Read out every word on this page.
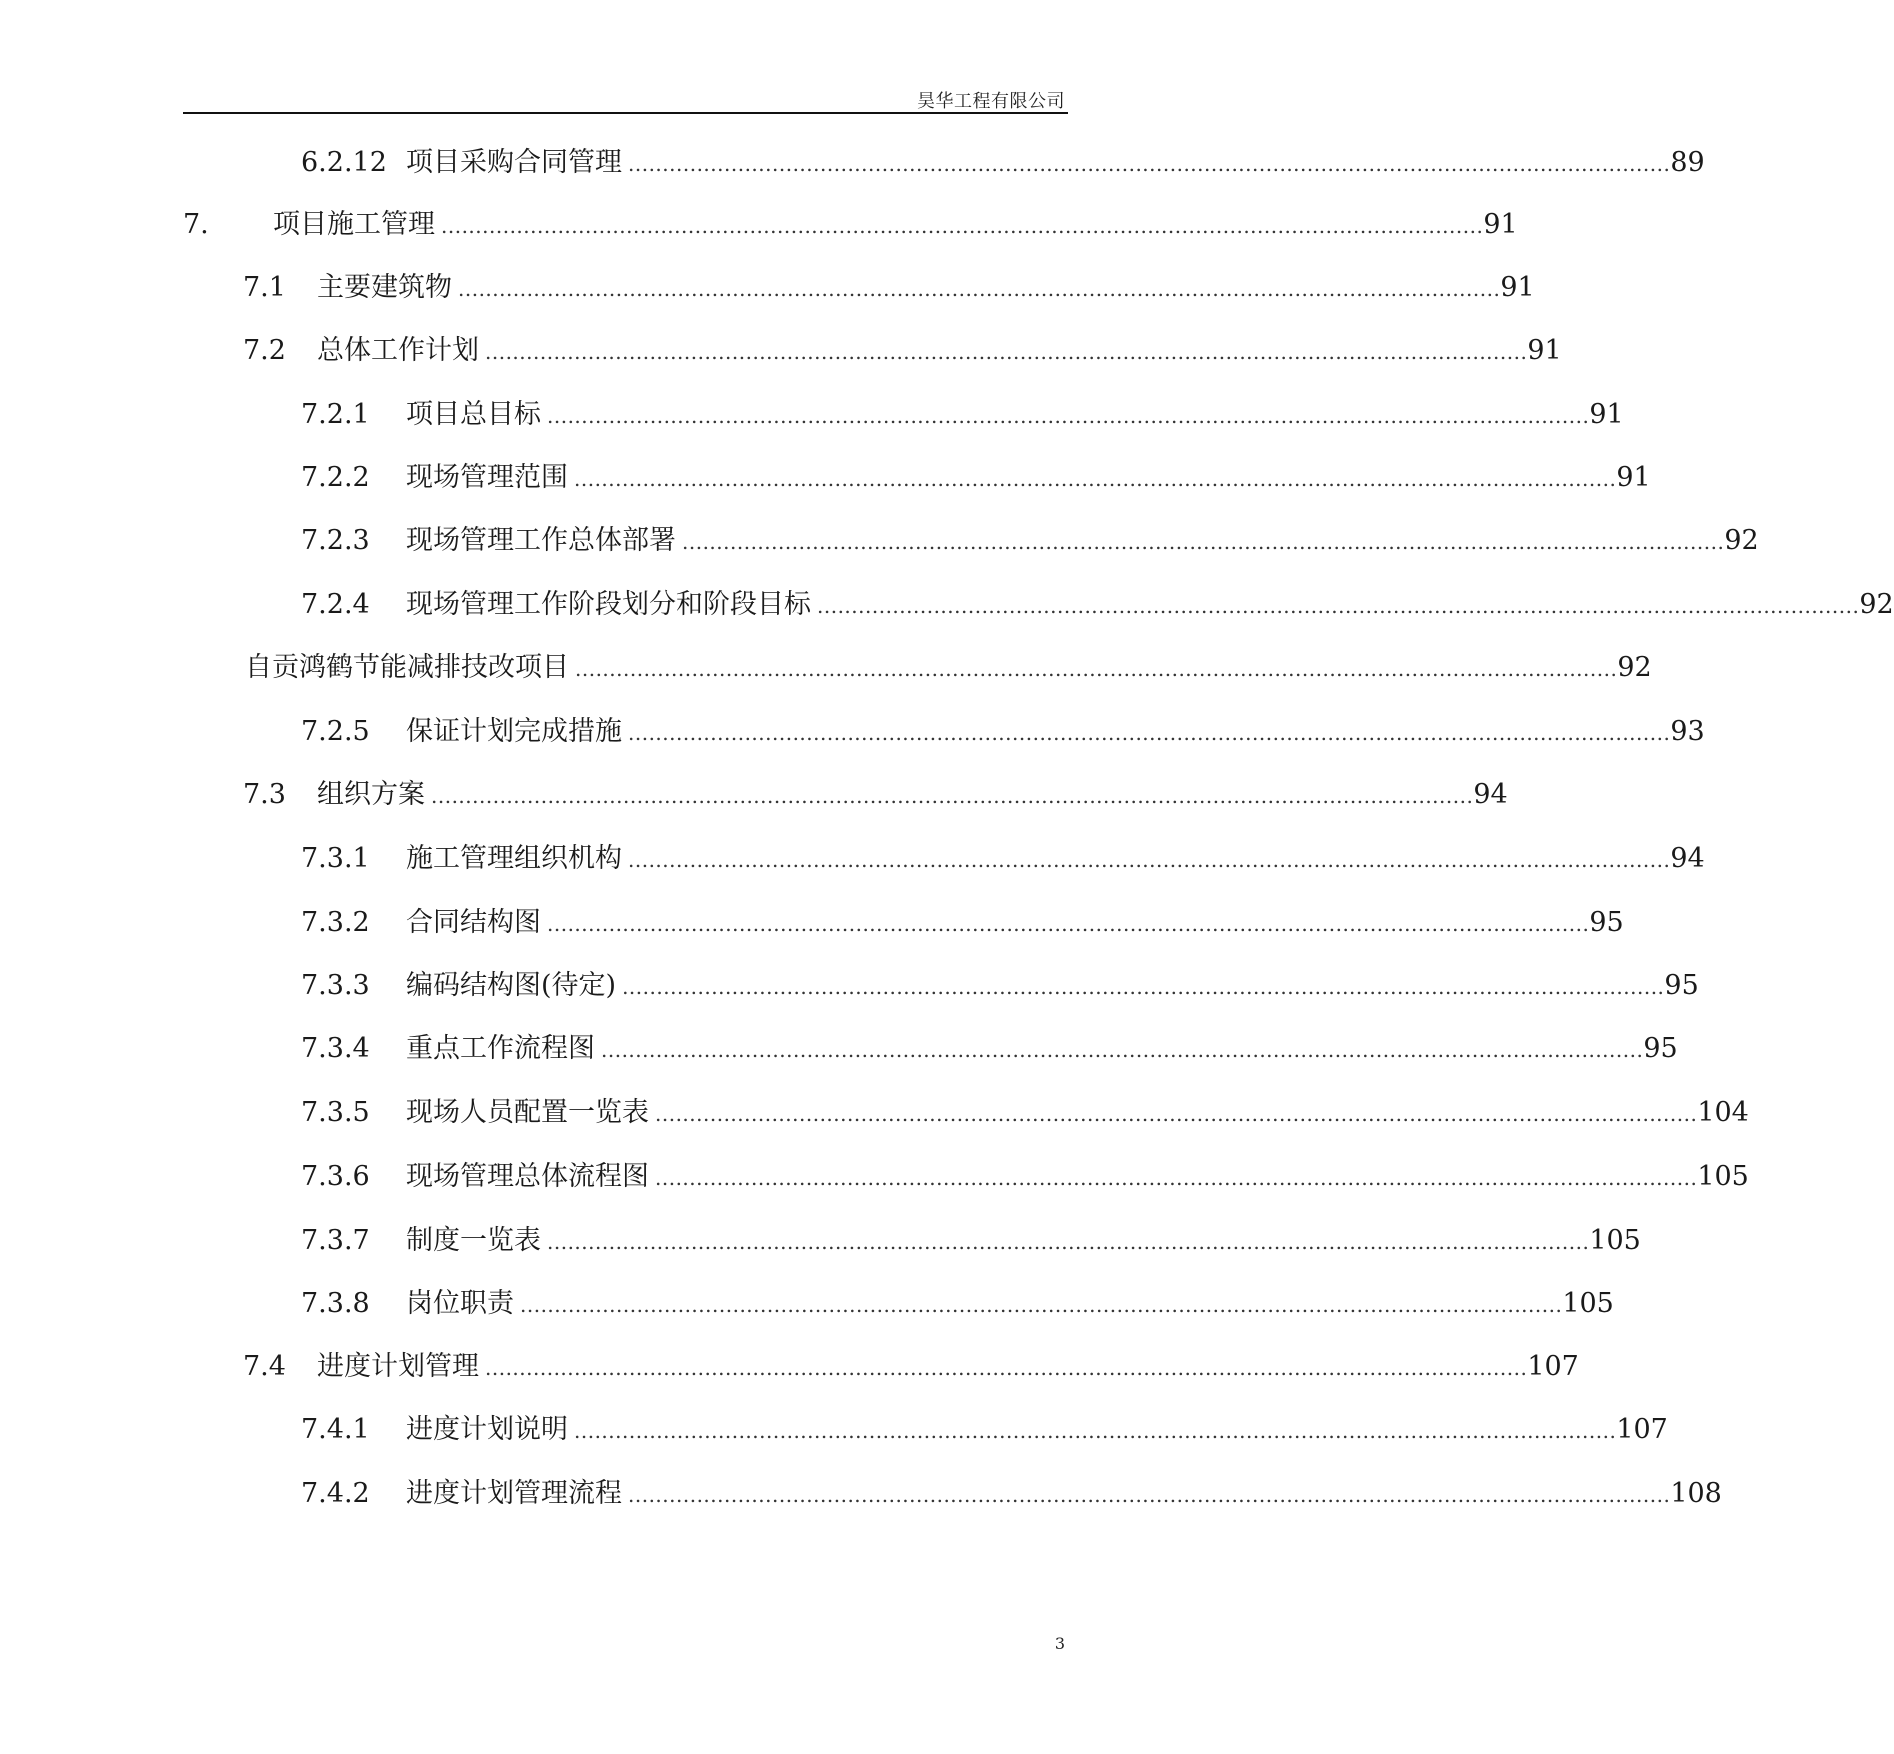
昊华工程有限公司
6.2.12 项目采购合同管理 ........................................................................................................................................................ 89
7. 项目施工管理 ........................................................................................................................................................ 91
7.1 主要建筑物 ........................................................................................................................................................ 91
7.2 总体工作计划 ........................................................................................................................................................ 91
7.2.1 项目总目标 ........................................................................................................................................................ 91
7.2.2 现场管理范围 ........................................................................................................................................................ 91
7.2.3 现场管理工作总体部署 ........................................................................................................................................................ 92
7.2.4 现场管理工作阶段划分和阶段目标 ........................................................................................................................................................ 92
自贡鸿鹤节能减排技改项目 ........................................................................................................................................................ 92
7.2.5 保证计划完成措施 ........................................................................................................................................................ 93
7.3 组织方案 ........................................................................................................................................................ 94
7.3.1 施工管理组织机构 ........................................................................................................................................................ 94
7.3.2 合同结构图 ........................................................................................................................................................ 95
7.3.3 编码结构图(待定) ........................................................................................................................................................ 95
7.3.4 重点工作流程图 ........................................................................................................................................................ 95
7.3.5 现场人员配置一览表 ........................................................................................................................................................ 104
7.3.6 现场管理总体流程图 ........................................................................................................................................................ 105
7.3.7 制度一览表 ........................................................................................................................................................ 105
7.3.8 岗位职责 ........................................................................................................................................................ 105
7.4 进度计划管理 ........................................................................................................................................................ 107
7.4.1 进度计划说明 ........................................................................................................................................................ 107
7.4.2 进度计划管理流程 ........................................................................................................................................................ 108
3
